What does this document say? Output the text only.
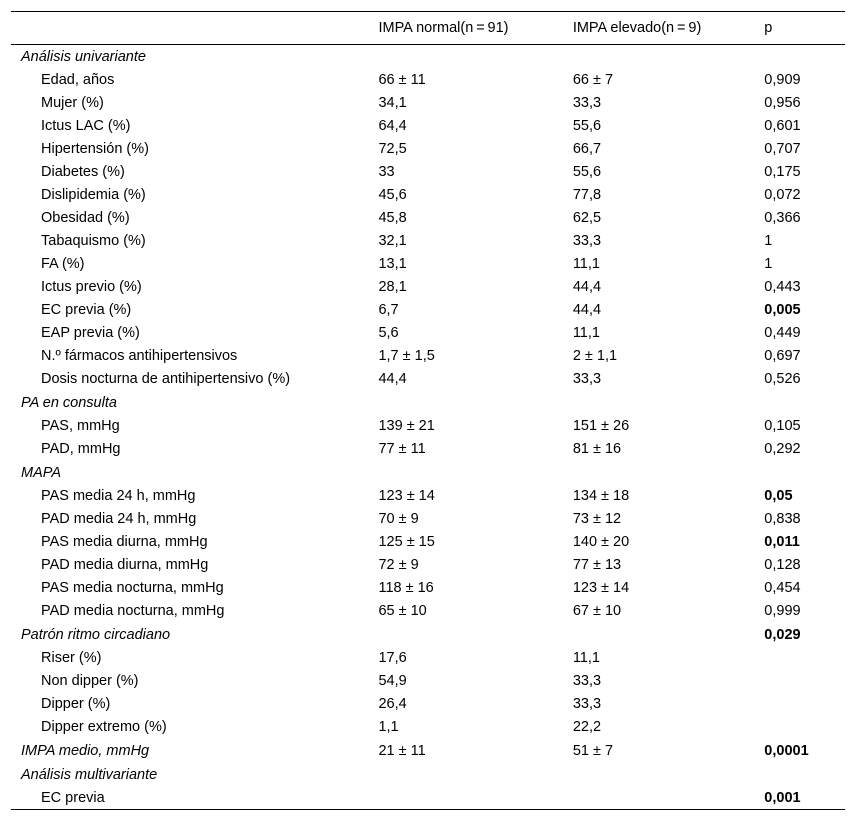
	IMPA normal(n = 91)	IMPA elevado(n = 9)	p
Análisis univariante			
Edad, años	66 ± 11	66 ± 7	0,909
Mujer (%)	34,1	33,3	0,956
Ictus LAC (%)	64,4	55,6	0,601
Hipertensión (%)	72,5	66,7	0,707
Diabetes (%)	33	55,6	0,175
Dislipidemia (%)	45,6	77,8	0,072
Obesidad (%)	45,8	62,5	0,366
Tabaquismo (%)	32,1	33,3	1
FA (%)	13,1	11,1	1
Ictus previo (%)	28,1	44,4	0,443
EC previa (%)	6,7	44,4	0,005
EAP previa (%)	5,6	11,1	0,449
N.º fármacos antihipertensivos	1,7 ± 1,5	2 ± 1,1	0,697
Dosis nocturna de antihipertensivo (%)	44,4	33,3	0,526
PA en consulta			
PAS, mmHg	139 ± 21	151 ± 26	0,105
PAD, mmHg	77 ± 11	81 ± 16	0,292
MAPA			
PAS media 24 h, mmHg	123 ± 14	134 ± 18	0,05
PAD media 24 h, mmHg	70 ± 9	73 ± 12	0,838
PAS media diurna, mmHg	125 ± 15	140 ± 20	0,011
PAD media diurna, mmHg	72 ± 9	77 ± 13	0,128
PAS media nocturna, mmHg	118 ± 16	123 ± 14	0,454
PAD media nocturna, mmHg	65 ± 10	67 ± 10	0,999
Patrón ritmo circadiano			0,029
Riser (%)	17,6	11,1	
Non dipper (%)	54,9	33,3	
Dipper (%)	26,4	33,3	
Dipper extremo (%)	1,1	22,2	
IMPA medio, mmHg	21 ± 11	51 ± 7	0,0001
Análisis multivariante			
EC previa			0,001
